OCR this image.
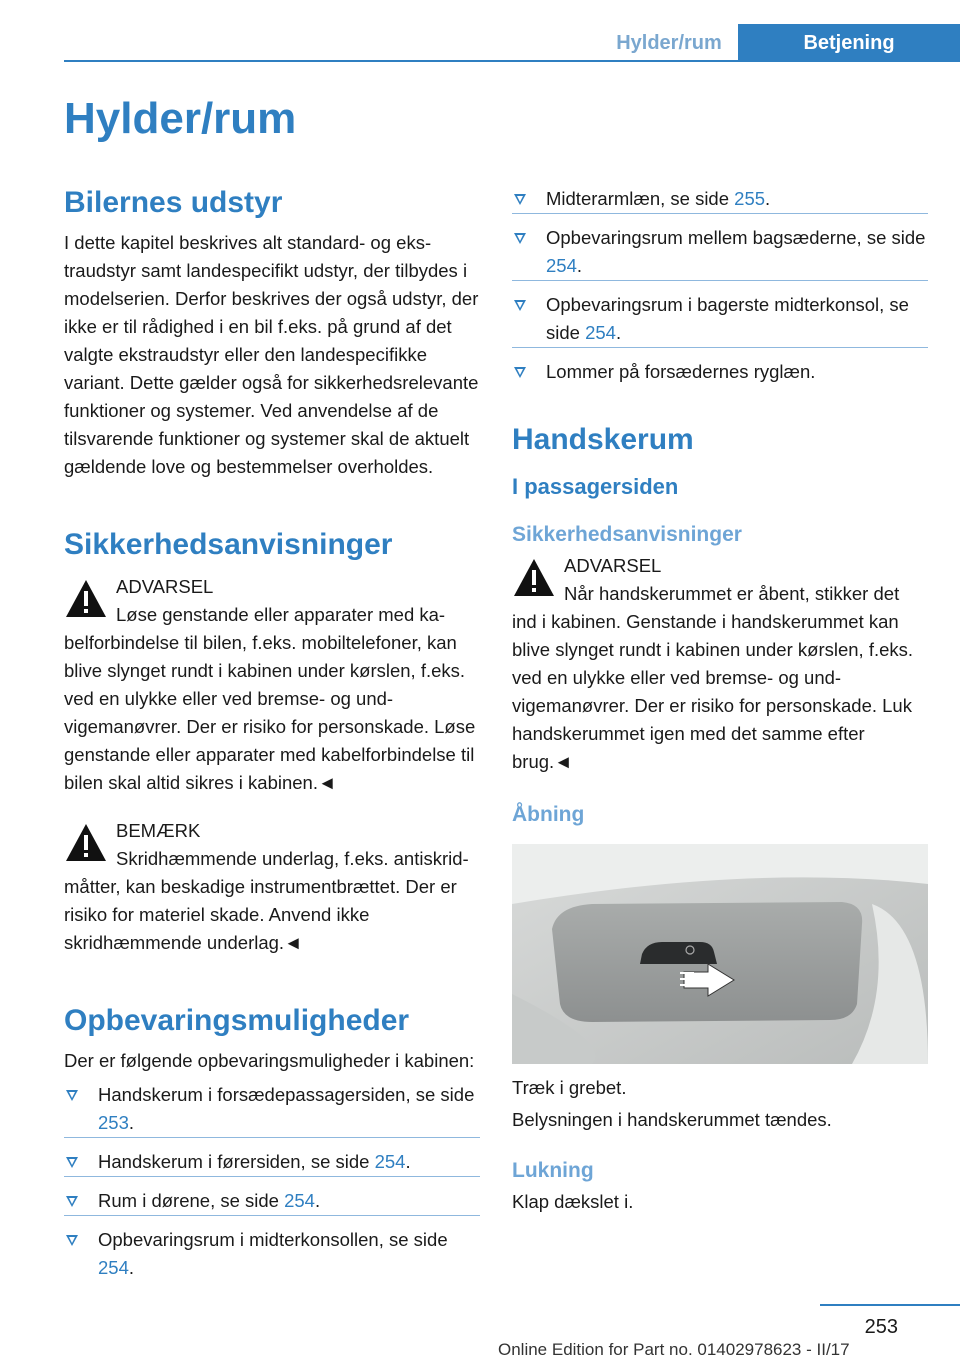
Hylder/rum	Betjening
Hylder/rum
Bilernes udstyr

I dette kapitel beskrives alt standard- og ekstraudstyr samt landespecifikt udstyr, der tilbydes i modelserien. Derfor beskrives der også udstyr, der ikke er til rådighed i en bil f.eks. på grund af det valgte ekstraudstyr eller den landespecifikke variant. Dette gælder også for sikkerhedsrelevante funktioner og systemer. Ved anvendelse af de tilsvarende funktioner og systemer skal de aktuelt gældende love og bestemmelser overholdes.

Sikkerhedsanvisninger

ADVARSEL

Løse genstande eller apparater med kabelforbindelse til bilen, f.eks. mobiltelefoner, kan blive slynget rundt i kabinen under kørslen, f.eks. ved en ulykke eller ved bremse- og undvigemanøvrer. Der er risiko for personskade. Løse genstande eller apparater med kabelforbindelse til bilen skal altid sikres i kabinen.◄

BEMÆRK

Skridhæmmende underlag, f.eks. antiskrid-måtter, kan beskadige instrumentbrættet. Der er risiko for materiel skade. Anvend ikke skridhæmmende underlag.◄

Opbevaringsmuligheder

Der er følgende opbevaringsmuligheder i kabinen:

Handskerum i forsædepassagersiden, se side 253.
Handskerum i førersiden, se side 254.
Rum i dørene, se side 254.
Opbevaringsrum i midterkonsollen, se side 254.
Midterarmlæn, se side 255.
Opbevaringsrum mellem bagsæderne, se side 254.
Opbevaringsrum i bagerste midterkonsol, se side 254.
Lommer på forsædernes ryglæn.
Handskerum
I passagersiden
Sikkerhedsanvisninger

ADVARSEL

Når handskerummet er åbent, stikker det ind i kabinen. Genstande i handskerummet kan blive slynget rundt i kabinen under kørslen, f.eks. ved en ulykke eller ved bremse- og undvigemanøvrer. Der er risiko for personskade. Luk handskerummet igen med det samme efter brug.◄

Åbning

Træk i grebet.

Belysningen i handskerummet tændes.

Lukning

Klap dækslet i.

253
Online Edition for Part no. 01402978623 - II/17
